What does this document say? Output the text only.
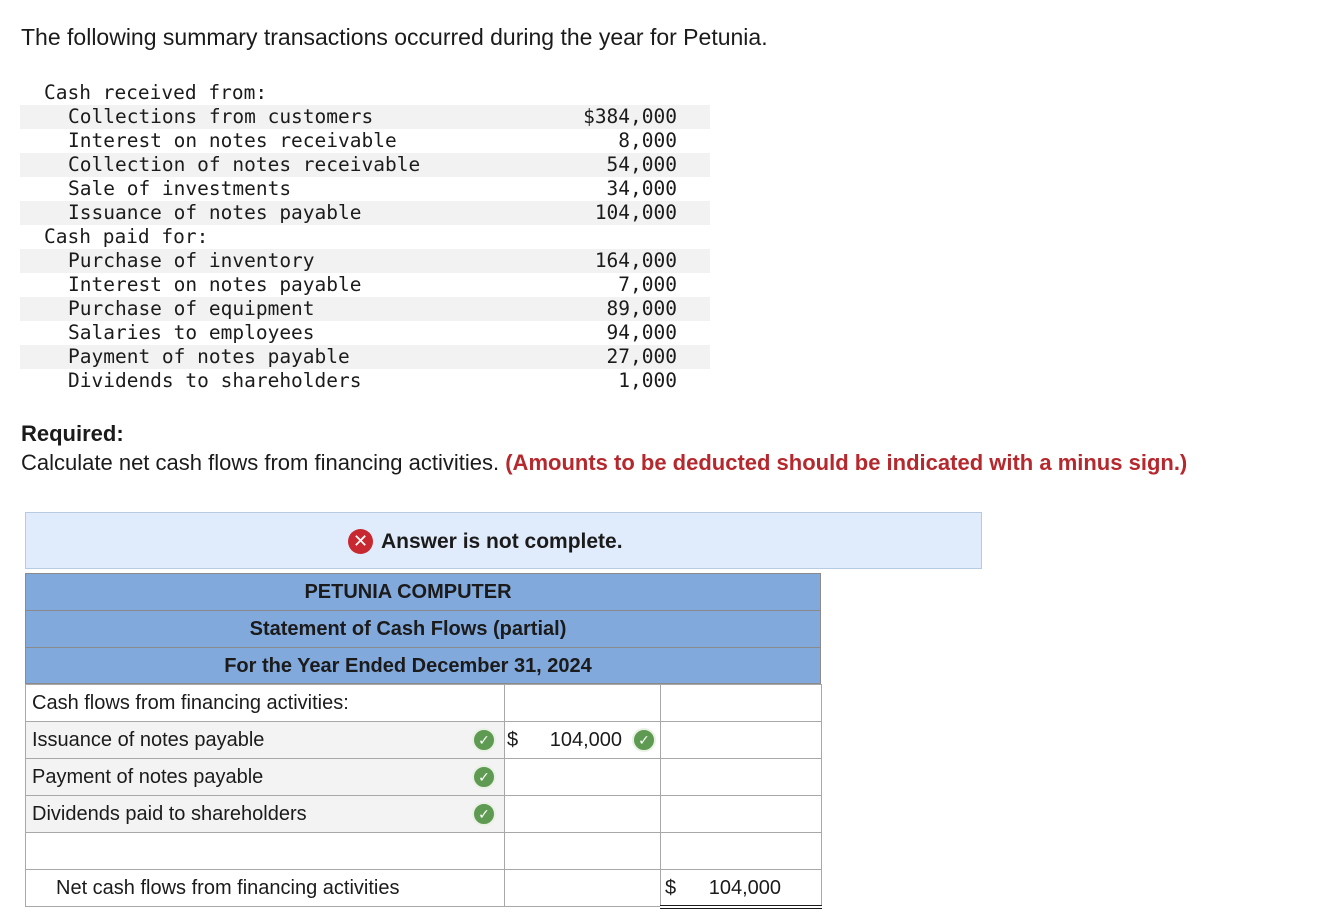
The following summary transactions occurred during the year for Petunia.
Cash received from:
Collections from customers	$384,000
Interest on notes receivable	8,000
Collection of notes receivable	54,000
Sale of investments	34,000
Issuance of notes payable	104,000
Cash paid for:
Purchase of inventory	164,000
Interest on notes payable	7,000
Purchase of equipment	89,000
Salaries to employees	94,000
Payment of notes payable	27,000
Dividends to shareholders	1,000
Required:
Calculate net cash flows from financing activities. (Amounts to be deducted should be indicated with a minus sign.)
✕ Answer is not complete.
PETUNIA COMPUTER
Statement of Cash Flows (partial)
For the Year Ended December 31, 2024
Cash flows from financing activities:		
Issuance of notes payable ✓	$ 104,000 ✓	

Payment of notes payable ✓		

Dividends paid to shareholders ✓		

Net cash flows from financing activities		$ 104,000
